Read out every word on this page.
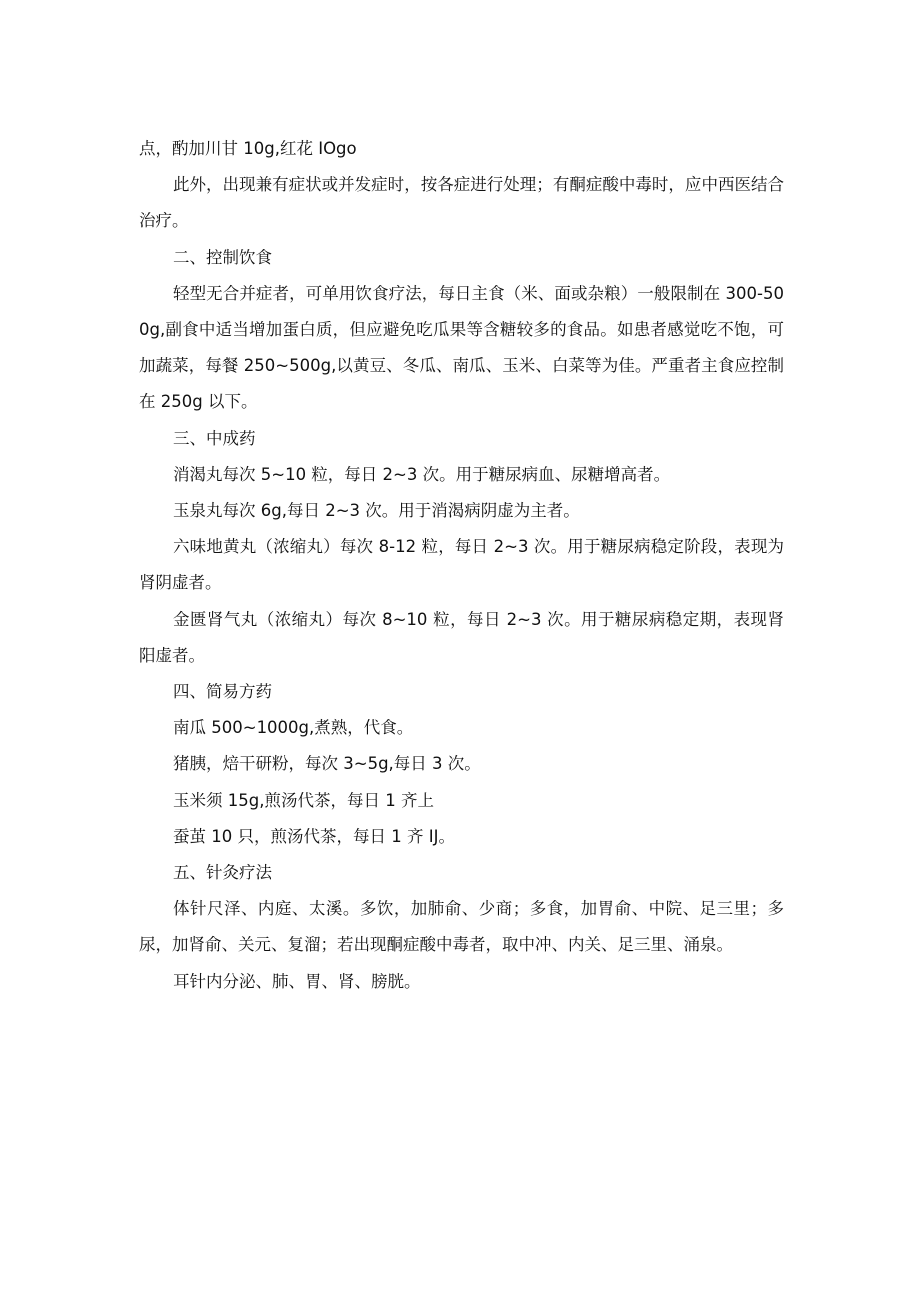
点，酌加川甘 10g,红花 IOgo

此外，出现兼有症状或并发症时，按各症进行处理；有酮症酸中毒时，应中西医结合治疗。

二、控制饮食

轻型无合并症者，可单用饮食疗法，每日主食（米、面或杂粮）一般限制在 300-500g,副食中适当增加蛋白质，但应避免吃瓜果等含糖较多的食品。如患者感觉吃不饱，可加蔬菜，每餐 250~500g,以黄豆、冬瓜、南瓜、玉米、白菜等为佳。严重者主食应控制在 250g 以下。

三、中成药

消渴丸每次 5~10 粒，每日 2~3 次。用于糖尿病血、尿糖增高者。

玉泉丸每次 6g,每日 2~3 次。用于消渴病阴虚为主者。

六味地黄丸（浓缩丸）每次 8-12 粒，每日 2~3 次。用于糖尿病稳定阶段，表现为肾阴虚者。

金匮肾气丸（浓缩丸）每次 8~10 粒，每日 2~3 次。用于糖尿病稳定期，表现肾阳虚者。

四、简易方药

南瓜 500~1000g,煮熟，代食。

猪胰，焙干研粉，每次 3~5g,每日 3 次。

玉米须 15g,煎汤代茶，每日 1 齐上

蚕茧 10 只，煎汤代茶，每日 1 齐 IJ。

五、针灸疗法

体针尺泽、内庭、太溪。多饮，加肺俞、少商；多食，加胃俞、中院、足三里；多尿，加肾俞、关元、复溜；若出现酮症酸中毒者，取中冲、内关、足三里、涌泉。

耳针内分泌、肺、胃、肾、膀胱。
